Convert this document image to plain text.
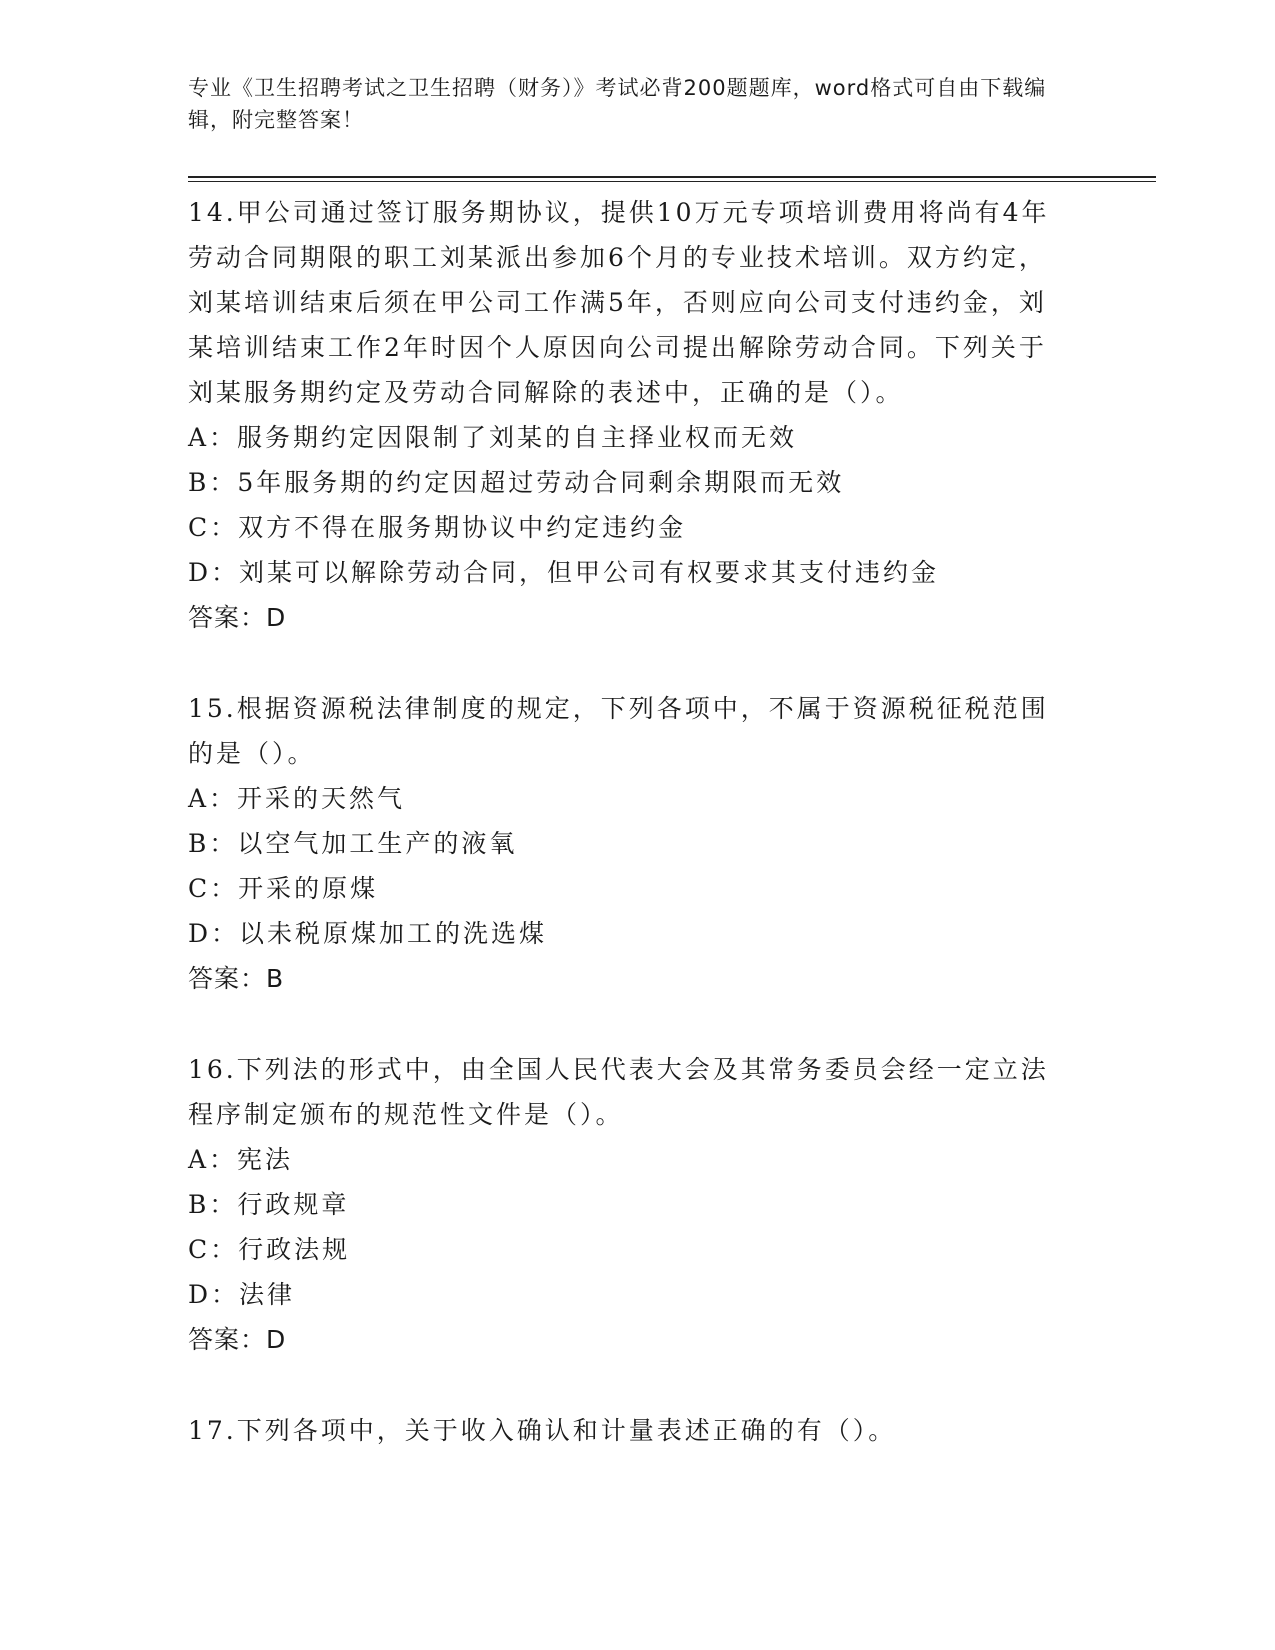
专业《卫生招聘考试之卫生招聘（财务）》考试必背200题题库，word格式可自由下载编辑，附完整答案！

14.甲公司通过签订服务期协议，提供10万元专项培训费用将尚有4年劳动合同期限的职工刘某派出参加6个月的专业技术培训。双方约定，刘某培训结束后须在甲公司工作满5年，否则应向公司支付违约金，刘某培训结束工作2年时因个人原因向公司提出解除劳动合同。下列关于刘某服务期约定及劳动合同解除的表述中，正确的是（）。

A：服务期约定因限制了刘某的自主择业权而无效

B：5年服务期的约定因超过劳动合同剩余期限而无效

C：双方不得在服务期协议中约定违约金

D：刘某可以解除劳动合同，但甲公司有权要求其支付违约金

答案：D

15.根据资源税法律制度的规定，下列各项中，不属于资源税征税范围的是（）。

A：开采的天然气

B：以空气加工生产的液氧

C：开采的原煤

D：以未税原煤加工的洗选煤

答案：B

16.下列法的形式中，由全国人民代表大会及其常务委员会经一定立法程序制定颁布的规范性文件是（）。

A：宪法

B：行政规章

C：行政法规

D：法律

答案：D

17.下列各项中，关于收入确认和计量表述正确的有（）。
